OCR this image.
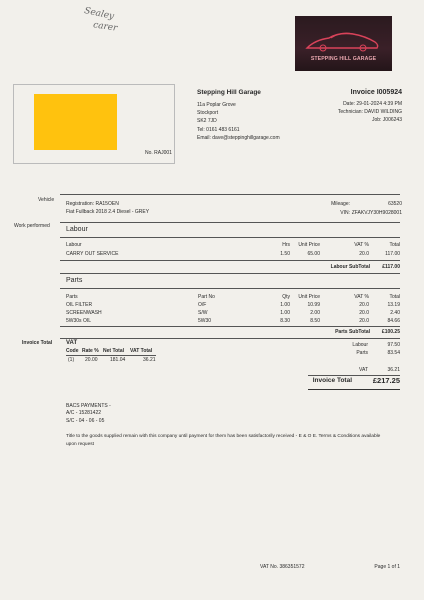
Sealey
carer
STEPPING HILL GARAGE
No. RAJ001
Stepping Hill Garage
11a Poplar Grove
Stockport
SK2 7JD
Tel: 0161 483 6161
Email: dave@steppinghillgarage.com
Invoice I005924
Date: 29-01-2024 4:39 PM
Technician: DAVID WILDING
Job: J006243
Vehicle
Registration: RA15OEN
Fiat Fullback 2018 2.4 Diesel - GREY
Mileage:	63520
VIN: ZFAKVJY30H9028001
Work performed Labour
Labour	Hrs	Unit Price	VAT %	Total
CARRY OUT SERVICE	1.50	65.00	20.0	117.00
Labour SubTotal £117.00
Parts
Parts	Part No	Qty	Unit Price	VAT %	Total
OIL FILTER	O/F	1.00	10.99	20.0	13.19
SCREENWASH	S/W	1.00	2.00	20.0	2.40
5W30s OIL	5W30	8.30	8.50	20.0	84.66
Parts SubTotal £100.25
Invoice Total VAT
Code Rate % Net Total VAT Total
(1) 20.00 181.04	36.21
Labour	97.50
Parts	83.54
VAT	36.21
Invoice Total	£217.25
BACS PAYMENTS -
A/C - 15281422
S/C - 04 - 06 - 05
Title to the goods supplied remain with this company until payment for them has been satisfactorily received - E & O E. Terms & Conditions available
upon request
VAT No. 386351572	Page 1 of 1
